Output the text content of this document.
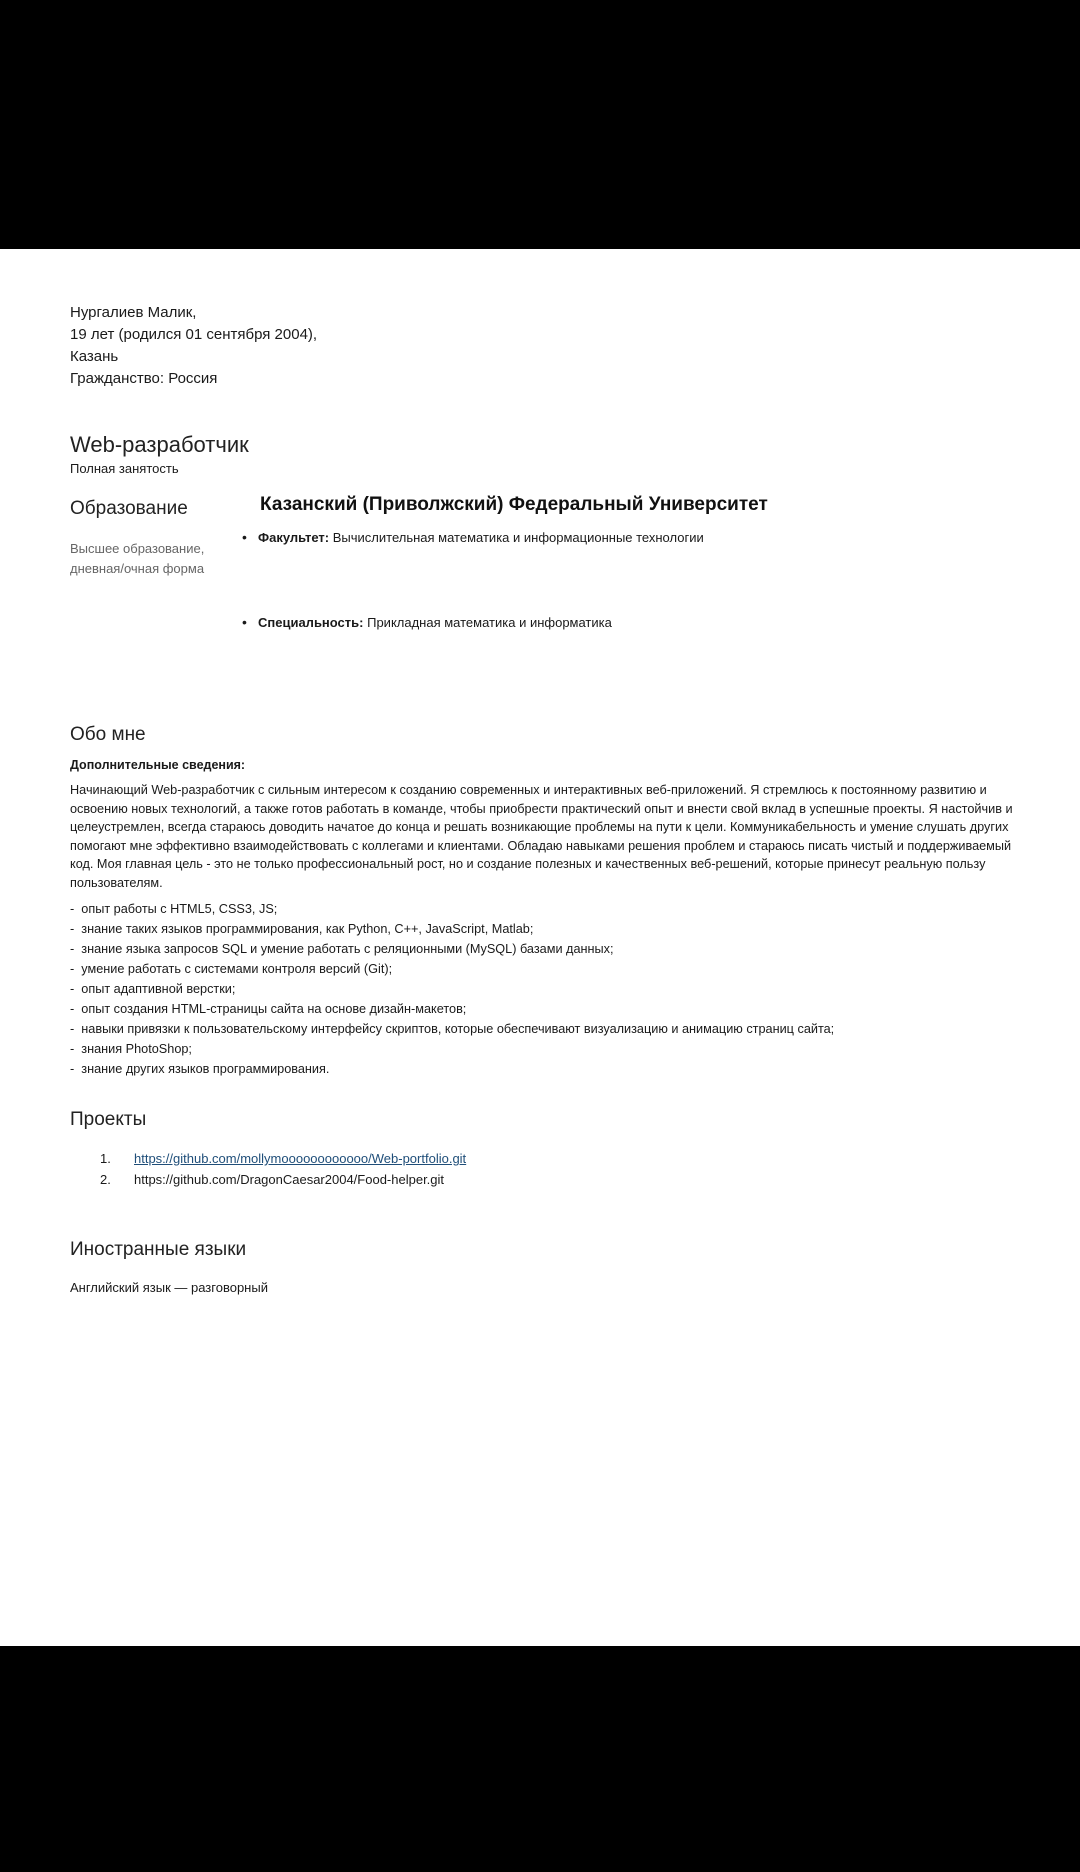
Нургалиев Малик,
19 лет (родился 01 сентября 2004),
Казань
Гражданство: Россия
Web-разработчик
Полная занятость
Образование
Высшее образование, дневная/очная форма
Казанский (Приволжский) Федеральный Университет
• Факультет: Вычислительная математика и информационные технологии
• Специальность: Прикладная математика и информатика
Обо мне
Дополнительные сведения:
Начинающий Web-разработчик с сильным интересом к созданию современных и интерактивных веб-приложений. Я стремлюсь к постоянному развитию и освоению новых технологий, а также готов работать в команде, чтобы приобрести практический опыт и внести свой вклад в успешные проекты. Я настойчив и целеустремлен, всегда стараюсь доводить начатое до конца и решать возникающие проблемы на пути к цели. Коммуникабельность и умение слушать других помогают мне эффективно взаимодействовать с коллегами и клиентами. Обладаю навыками решения проблем и стараюсь писать чистый и поддерживаемый код. Моя главная цель - это не только профессиональный рост, но и создание полезных и качественных веб-решений, которые принесут реальную пользу пользователям.
- опыт работы с HTML5, CSS3, JS;
- знание таких языков программирования, как Python, C++, JavaScript, Matlab;
- знание языка запросов SQL и умение работать с реляционными (MySQL) базами данных;
- умение работать с системами контроля версий (Git);
- опыт адаптивной верстки;
- опыт создания HTML-страницы сайта на основе дизайн-макетов;
- навыки привязки к пользовательскому интерфейсу скриптов, которые обеспечивают визуализацию и анимацию страниц сайта;
- знания PhotoShop;
- знание других языков программирования.
Проекты
1. https://github.com/mollymoooooooooooo/Web-portfolio.git
2. https://github.com/DragonCaesar2004/Food-helper.git
Иностранные языки
Английский язык — разговорный
